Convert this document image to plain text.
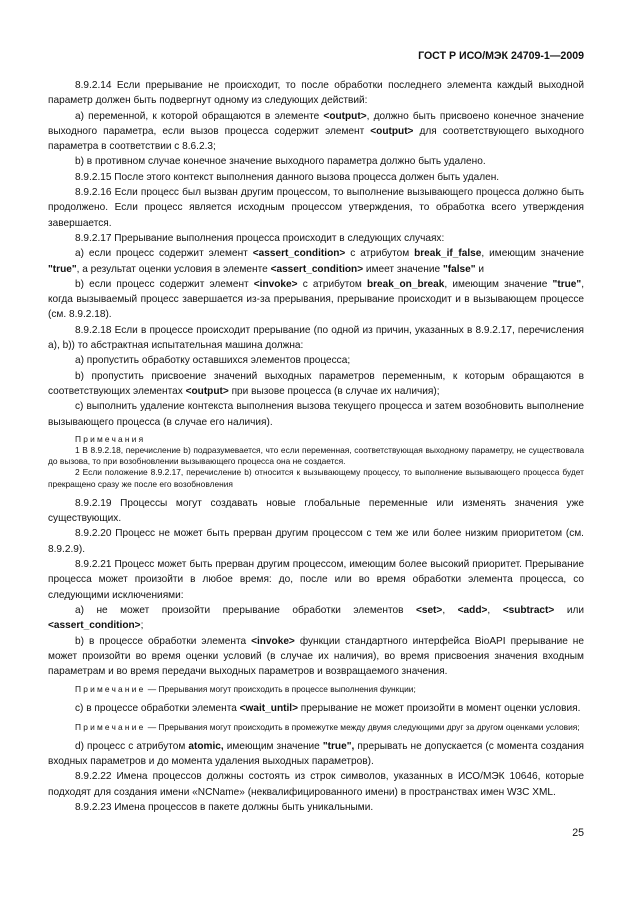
ГОСТ Р ИСО/МЭК 24709-1—2009

8.9.2.14 Если прерывание не происходит, то после обработки последнего элемента каждый выходной параметр должен быть подвергнут одному из следующих действий:

а) переменной, к которой обращаются в элементе <output>, должно быть присвоено конечное значение выходного параметра, если вызов процесса содержит элемент <output> для соответствующего выходного параметра в соответствии с 8.6.2.3;

b) в противном случае конечное значение выходного параметра должно быть удалено.

8.9.2.15 После этого контекст выполнения данного вызова процесса должен быть удален.

8.9.2.16 Если процесс был вызван другим процессом, то выполнение вызывающего процесса должно быть продолжено. Если процесс является исходным процессом утверждения, то обработка всего утверждения завершается.

8.9.2.17 Прерывание выполнения процесса происходит в следующих случаях:

а) если процесс содержит элемент <assert_condition> с атрибутом break_if_false, имеющим значение "true", а результат оценки условия в элементе <assert_condition> имеет значение "false" и

b) если процесс содержит элемент <invoke> с атрибутом break_on_break, имеющим значение "true", когда вызываемый процесс завершается из-за прерывания, прерывание происходит и в вызывающем процессе (см. 8.9.2.18).

8.9.2.18 Если в процессе происходит прерывание (по одной из причин, указанных в 8.9.2.17, перечисления а), b)) то абстрактная испытательная машина должна:

а) пропустить обработку оставшихся элементов процесса;

b) пропустить присвоение значений выходных параметров переменным, к которым обращаются в соответствующих элементах <output> при вызове процесса (в случае их наличия);

с) выполнить удаление контекста выполнения вызова текущего процесса и затем возобновить выполнение вызывающего процесса (в случае его наличия).

Примечания

1 В 8.9.2.18, перечисление b) подразумевается, что если переменная, соответствующая выходному параметру, не существовала до вызова, то при возобновлении вызывающего процесса она не создается.

2 Если положение 8.9.2.17, перечисление b) относится к вызывающему процессу, то выполнение вызывающего процесса будет прекращено сразу же после его возобновления

8.9.2.19 Процессы могут создавать новые глобальные переменные или изменять значения уже существующих.

8.9.2.20 Процесс не может быть прерван другим процессом с тем же или более низким приоритетом (см. 8.9.2.9).

8.9.2.21 Процесс может быть прерван другим процессом, имеющим более высокий приоритет. Прерывание процесса может произойти в любое время: до, после или во время обработки элемента процесса, со следующими исключениями:

а) не может произойти прерывание обработки элементов <set>, <add>, <subtract> или <assert_condition>;

b) в процессе обработки элемента <invoke> функции стандартного интерфейса BioAPI прерывание не может произойти во время оценки условий (в случае их наличия), во время присвоения значения входным параметрам и во время передачи выходных параметров и возвращаемого значения.

Примечание — Прерывания могут происходить в процессе выполнения функции;

с) в процессе обработки элемента <wait_until> прерывание не может произойти в момент оценки условия.

Примечание — Прерывания могут происходить в промежутке между двумя следующими друг за другом оценками условия;

d) процесс с атрибутом atomic, имеющим значение "true", прерывать не допускается (с момента создания входных параметров и до момента удаления выходных параметров).

8.9.2.22 Имена процессов должны состоять из строк символов, указанных в ИСО/МЭК 10646, которые подходят для создания имени «NCName» (неквалифицированного имени) в пространствах имен W3C XML.

8.9.2.23 Имена процессов в пакете должны быть уникальными.

25
